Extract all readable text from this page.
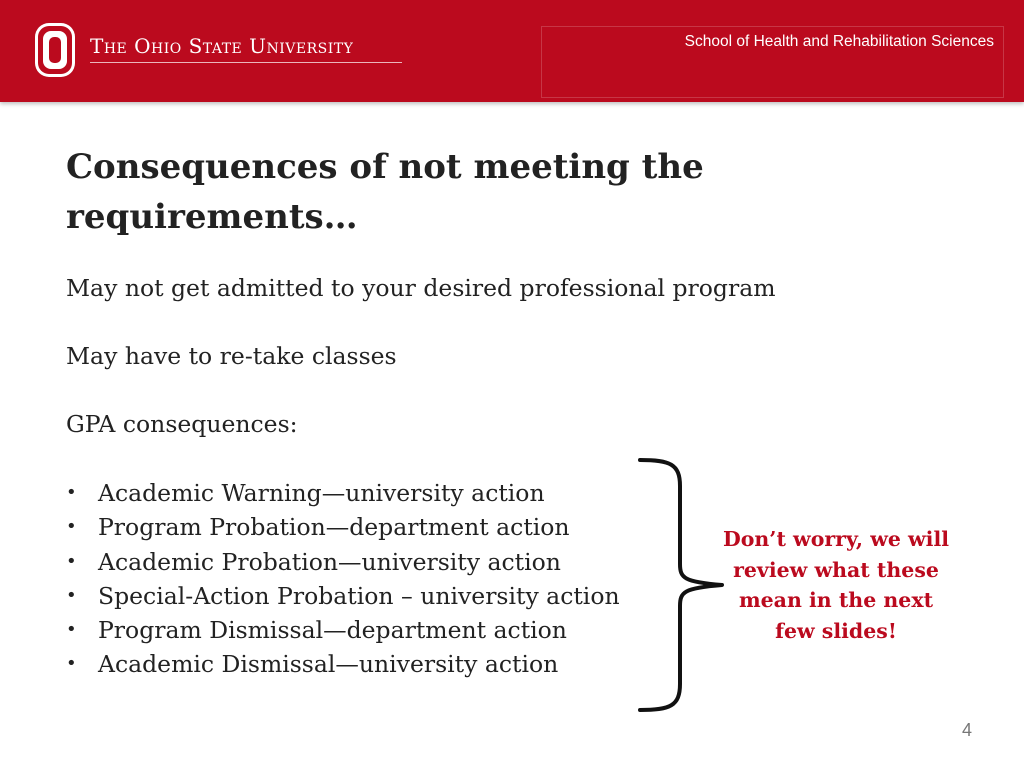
The Ohio State University	School of Health and Rehabilitation Sciences
Consequences of not meeting the requirements…
May not get admitted to your desired professional program
May have to re-take classes
GPA consequences:
• Academic Warning—university action
• Program Probation—department action
• Academic Probation—university action
• Special-Action Probation – university action
• Program Dismissal—department action
• Academic Dismissal—university action
Don’t worry, we will review what these mean in the next few slides!
4
